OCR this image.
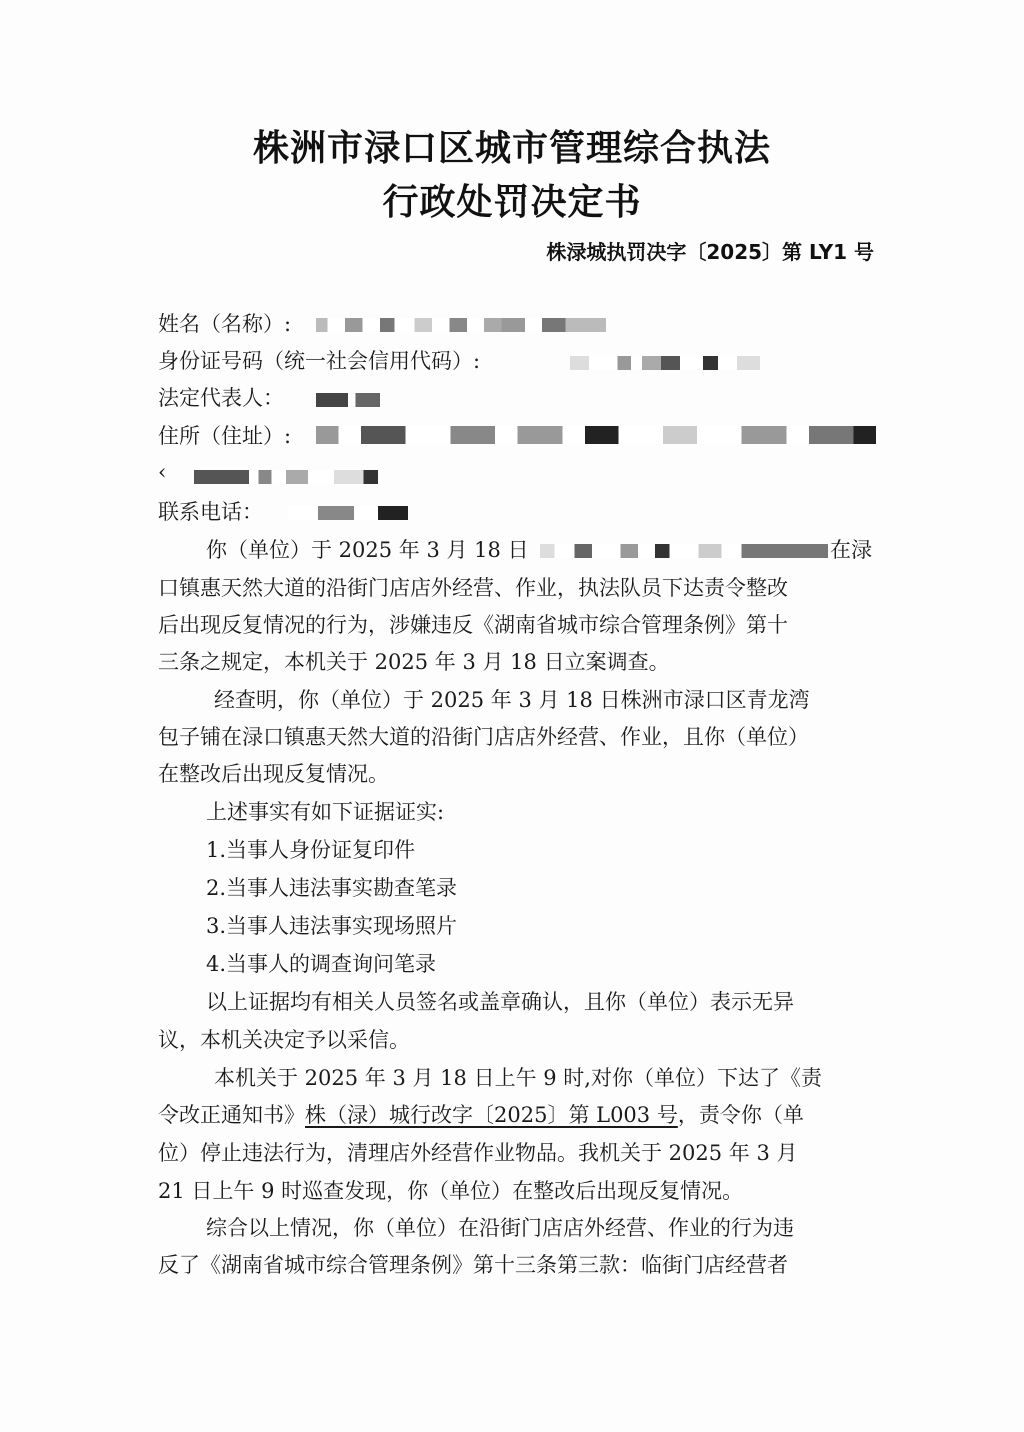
株洲市渌口区城市管理综合执法
行政处罚决定书
株渌城执罚决字〔2025〕第 LY1 号
姓名（名称）:
身份证号码（统一社会信用代码）:
法定代表人：
住所（住址）:
‹
联系电话：
你（单位）于 2025 年 3 月 18 日	在渌
口镇惠天然大道的沿街门店店外经营、作业，执法队员下达责令整改
后出现反复情况的行为，涉嫌违反《湖南省城市综合管理条例》第十
三条之规定，本机关于 2025 年 3 月 18 日立案调查。
经查明，你（单位）于 2025 年 3 月 18 日株洲市渌口区青龙湾
包子铺在渌口镇惠天然大道的沿街门店店外经营、作业，且你（单位）
在整改后出现反复情况。
上述事实有如下证据证实:
1.当事人身份证复印件
2.当事人违法事实勘查笔录
3.当事人违法事实现场照片
4.当事人的调查询问笔录
以上证据均有相关人员签名或盖章确认，且你（单位）表示无异
议，本机关决定予以采信。
本机关于 2025 年 3 月 18 日上午 9 时,对你（单位）下达了《责
令改正通知书》株（渌）城行改字〔2025〕第 L003 号，责令你（单
位）停止违法行为，清理店外经营作业物品。我机关于 2025 年 3 月
21 日上午 9 时巡查发现，你（单位）在整改后出现反复情况。
综合以上情况，你（单位）在沿街门店店外经营、作业的行为违
反了《湖南省城市综合管理条例》第十三条第三款：临街门店经营者
